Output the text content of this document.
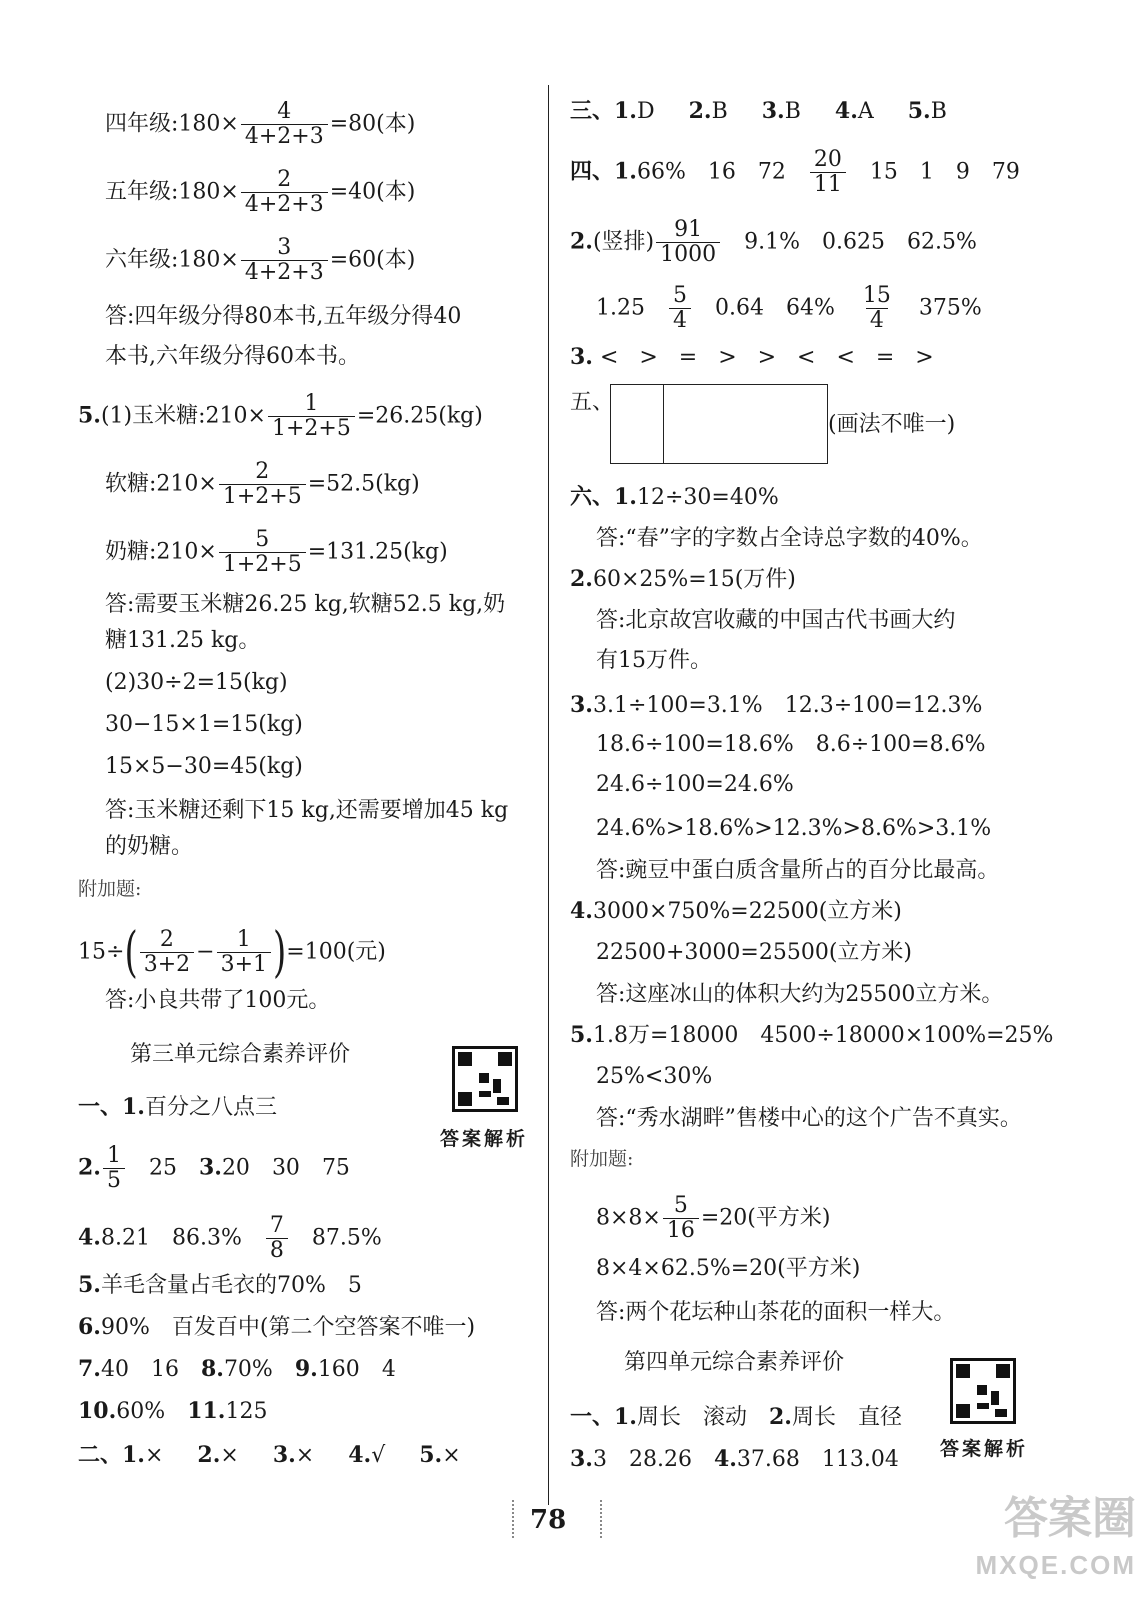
四年级:180× $\frac{4}{4+2+3} =80$(本)
五年级:180× $\frac{2}{4+2+3} =40$(本)
六年级:180× $\frac{3}{4+2+3} =60$(本)
答:四年级分得80本书,五年级分得40
本书,六年级分得60本书。
5.(1)玉米糖:210× $\frac{1}{1+2+5} =26.25(kg)$
软糖:210× $\frac{2}{1+2+5} =52.5(kg)$
奶糖:210× $\frac{5}{1+2+5} =131.25(kg)$
答:需要玉米糖26.25 kg,软糖52.5 kg,奶
糖131.25 kg。
(2)30÷2=15(kg)
30−15×1=15(kg)
15×5−30=45(kg)
答:玉米糖还剩下15 kg,还需要增加45 kg
的奶糖。
附加题:
$15\div( \frac{2}{3+2} - \frac{1}{3+1} )=100$(元)
答:小良共带了100元。
第三单元综合素养评价
答案解析
一、1.百分之八点三
2. $\frac{1}{5} 25$ 3.20 30 75
4.8.21 $86.3\% \frac{7}{8} 87.5\%$
5.羊毛含量占毛衣的70% 5
6.90% 百发百中(第二个空答案不唯一)
7.40 16 8.70% 9.160 4
10.60% 11.125
二、1.× 2.× 3.× 4.√ 5.×
三、1.D 2.B 3.B 4.A 5.B
四、1.66% 16 $72 \frac{20}{11} 15$ 1 9 79
2.(竖排) $\frac{91}{1000} 9.1\%$ 0.625 62.5%
$1.25 \frac{5}{4} 0.64$ $64\% \frac{15}{4} 375\%$
3. <   >   =   >   >   <   <   =   >
五、
(画法不唯一)
六、1.12÷30=40%
答:“春”字的字数占全诗总字数的40%。
2.60×25%=15(万件)
答:北京故宫收藏的中国古代书画大约
有15万件。
3.3.1÷100=3.1% 12.3÷100=12.3%
18.6÷100=18.6% 8.6÷100=8.6%
24.6÷100=24.6%
24.6%>18.6%>12.3%>8.6%>3.1%
答:豌豆中蛋白质含量所占的百分比最高。
4.3000×750%=22500(立方米)
22500+3000=25500(立方米)
答:这座冰山的体积大约为25500立方米。
5.1.8万=18000 4500÷18000×100%=25%
25%<30%
答:“秀水湖畔”售楼中心的这个广告不真实。
附加题:
$8\times 8\times \frac{5}{16} =20$(平方米)
8×4×62.5%=20(平方米)
答:两个花坛种山茶花的面积一样大。
第四单元综合素养评价
答案解析
一、1.周长 滚动 2.周长 直径
3.3 28.26 4.37.68 113.04
78	答案圈
MXQE.COM
